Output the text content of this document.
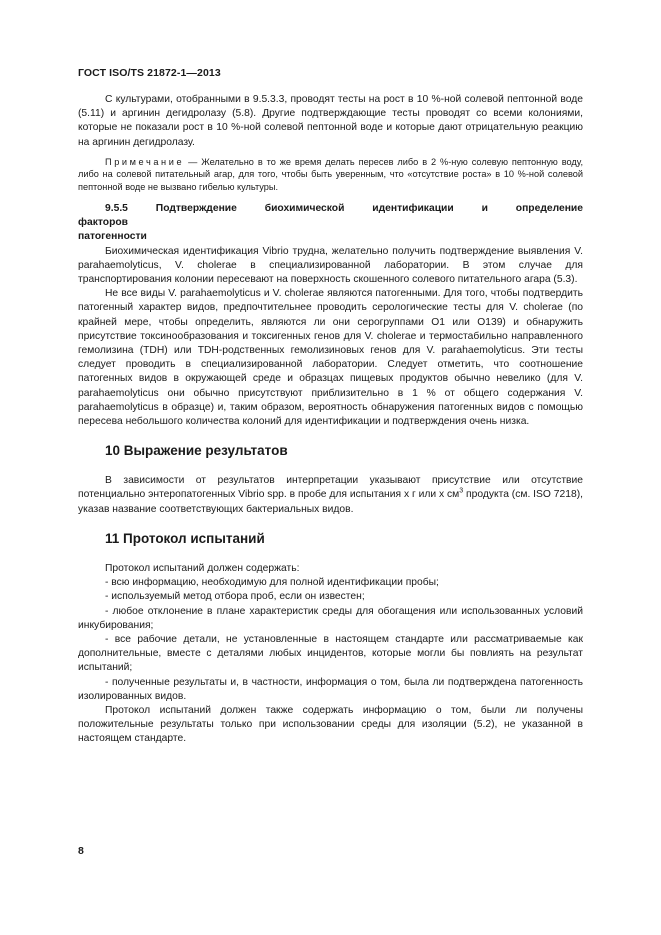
ГОСТ ISO/TS 21872-1—2013

С культурами, отобранными в 9.5.3.3, проводят тесты на рост в 10 %-ной солевой пептонной воде (5.11) и аргинин дегидролазу (5.8). Другие подтверждающие тесты проводят со всеми колониями, которые не показали рост в 10 %-ной солевой пептонной воде и которые дают отрицательную реакцию на аргинин дегидролазу.

Примечание — Желательно в то же время делать пересев либо в 2 %-ную солевую пептонную воду, либо на солевой питательный агар, для того, чтобы быть уверенным, что «отсутствие роста» в 10 %-ной солевой пептонной воде не вызвано гибелью культуры.

9.5.5 Подтверждение биохимической идентификации и определение факторов
патогенности

Биохимическая идентификация Vibrio трудна, желательно получить подтверждение выявления V. parahaemolyticus, V. cholerae в специализированной лаборатории. В этом случае для транспортирования колонии пересевают на поверхность скошенного солевого питательного агара (5.3).

Не все виды V. parahaemolyticus и V. cholerae являются патогенными. Для того, чтобы подтвердить патогенный характер видов, предпочтительнее проводить серологические тесты для V. cholerae (по крайней мере, чтобы определить, являются ли они серогруппами O1 или O139) и обнаружить присутствие токсинообразования и токсигенных генов для V. cholerae и термостабильно направленного гемолизина (TDH) или TDH-родственных гемолизиновых генов для V. parahaemolyticus. Эти тесты следует проводить в специализированной лаборатории. Следует отметить, что соотношение патогенных видов в окружающей среде и образцах пищевых продуктов обычно невелико (для V. parahaemolyticus они обычно присутствуют приблизительно в 1 % от общего содержания V. parahaemolyticus в образце) и, таким образом, вероятность обнаружения патогенных видов с помощью пересева небольшого количества колоний для идентификации и подтверждения очень низка.

10 Выражение результатов

В зависимости от результатов интерпретации указывают присутствие или отсутствие потенциально энтеропатогенных Vibrio spp. в пробе для испытания x г или x $см^3$ продукта (см. ISO 7218), указав название соответствующих бактериальных видов.

11 Протокол испытаний

Протокол испытаний должен содержать:

- всю информацию, необходимую для полной идентификации пробы;

- используемый метод отбора проб, если он известен;

- любое отклонение в плане характеристик среды для обогащения или использованных условий инкубирования;

- все рабочие детали, не установленные в настоящем стандарте или рассматриваемые как дополнительные, вместе с деталями любых инцидентов, которые могли бы повлиять на результат испытаний;

- полученные результаты и, в частности, информация о том, была ли подтверждена патогенность изолированных видов.

Протокол испытаний должен также содержать информацию о том, были ли получены положительные результаты только при использовании среды для изоляции (5.2), не указанной в настоящем стандарте.

8
